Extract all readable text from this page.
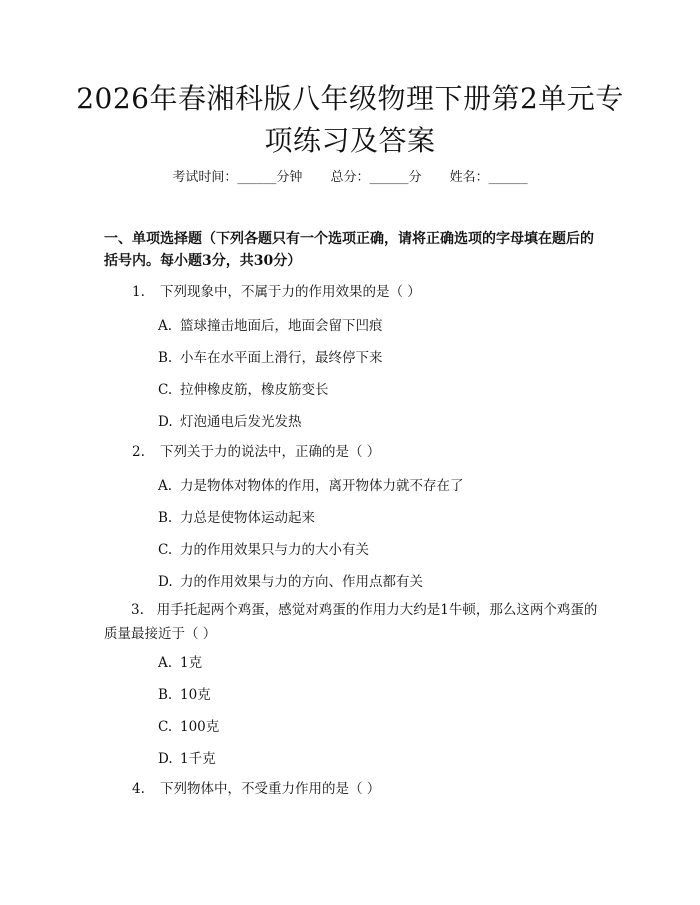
2026年春湘科版八年级物理下册第2单元专项练习及答案
考试时间：______分钟 总分：______分 姓名：______
一、单项选择题（下列各题只有一个选项正确，请将正确选项的字母填在题后的括号内。每小题3分，共30分）
1. 下列现象中，不属于力的作用效果的是（ ）
A. 篮球撞击地面后，地面会留下凹痕
B. 小车在水平面上滑行，最终停下来
C. 拉伸橡皮筋，橡皮筋变长
D. 灯泡通电后发光发热
2. 下列关于力的说法中，正确的是（ ）
A. 力是物体对物体的作用，离开物体力就不存在了
B. 力总是使物体运动起来
C. 力的作用效果只与力的大小有关
D. 力的作用效果与力的方向、作用点都有关
3. 用手托起两个鸡蛋，感觉对鸡蛋的作用力大约是1牛顿，那么这两个鸡蛋的质量最接近于（ ）
A. 1克
B. 10克
C. 100克
D. 1千克
4. 下列物体中，不受重力作用的是（ ）
